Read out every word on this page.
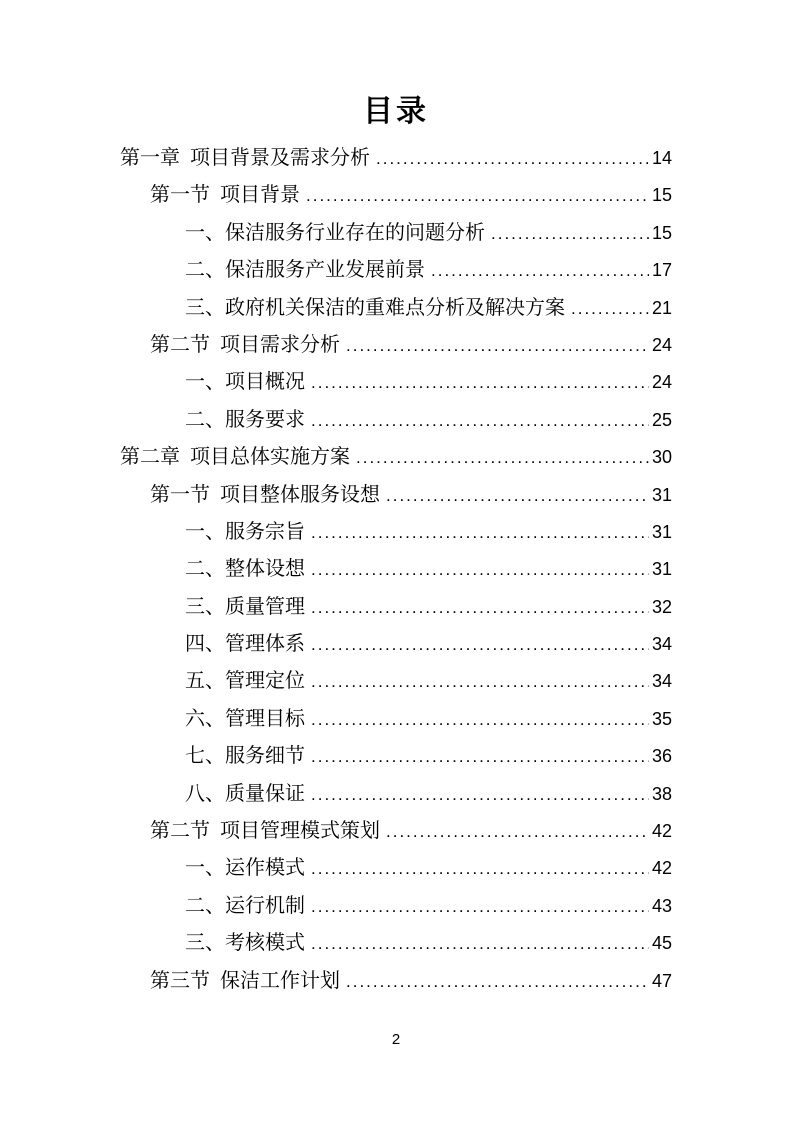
目录
第一章 项目背景及需求分析 .....	14
第一节 项目背景 .....	15
一、保洁服务行业存在的问题分析 .....	15
二、保洁服务产业发展前景 .....	17
三、政府机关保洁的重难点分析及解决方案 .....	21
第二节 项目需求分析 .....	24
一、项目概况 .....	24
二、服务要求 .....	25
第二章 项目总体实施方案 .....	30
第一节 项目整体服务设想 .....	31
一、服务宗旨 .....	31
二、整体设想 .....	31
三、质量管理 .....	32
四、管理体系 .....	34
五、管理定位 .....	34
六、管理目标 .....	35
七、服务细节 .....	36
八、质量保证 .....	38
第二节 项目管理模式策划 .....	42
一、运作模式 .....	42
二、运行机制 .....	43
三、考核模式 .....	45
第三节 保洁工作计划 .....	47
2
